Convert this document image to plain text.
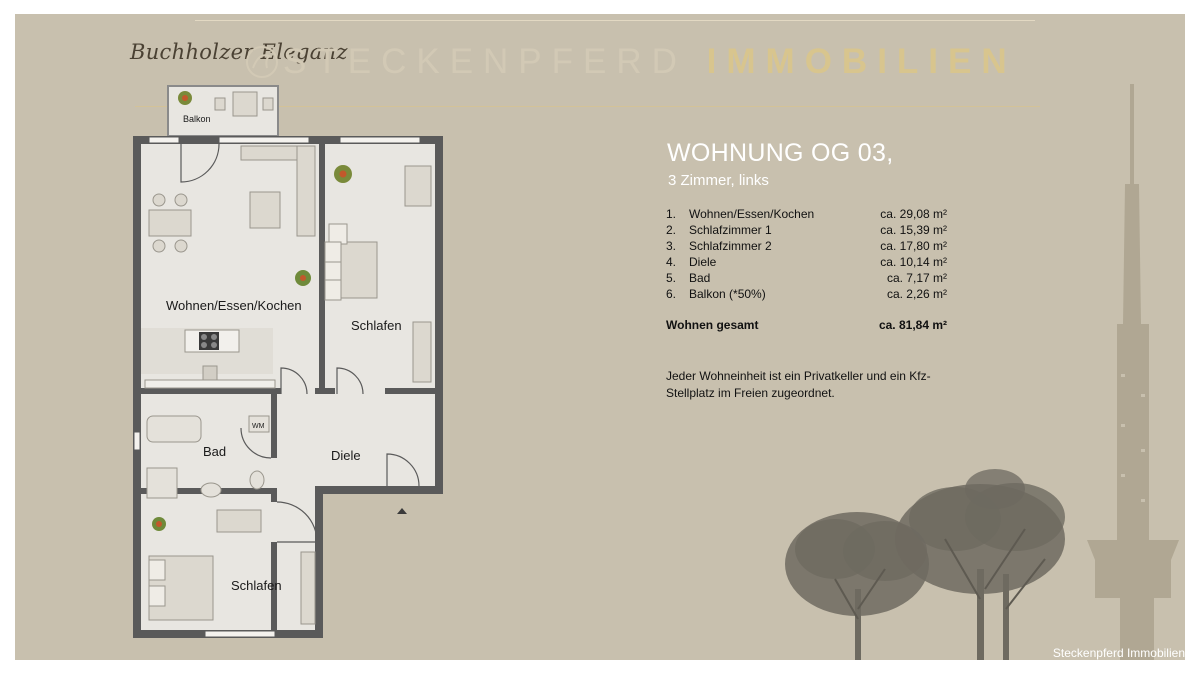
Buchholzer Eleganz
STECKENPFERD IMMOBILIEN
Balkon
Wohnen/Essen/Kochen
Schlafen
Bad	Diele
Schlafen
WM
WOHNUNG OG 03,
3 Zimmer, links
1.	Wohnen/Essen/Kochen	ca. 29,08 m²
2.	Schlafzimmer 1	ca. 15,39 m²
3.	Schlafzimmer 2	ca. 17,80 m²
4.	Diele	ca. 10,14 m²
5.	Bad	ca. 7,17 m²
6.	Balkon (*50%)	ca. 2,26 m²

Wohnen gesamt		ca. 81,84 m²
Jeder Wohneinheit ist ein Privatkeller und ein Kfz-Stellplatz im Freien zugeordnet.
Steckenpferd Immobilien
